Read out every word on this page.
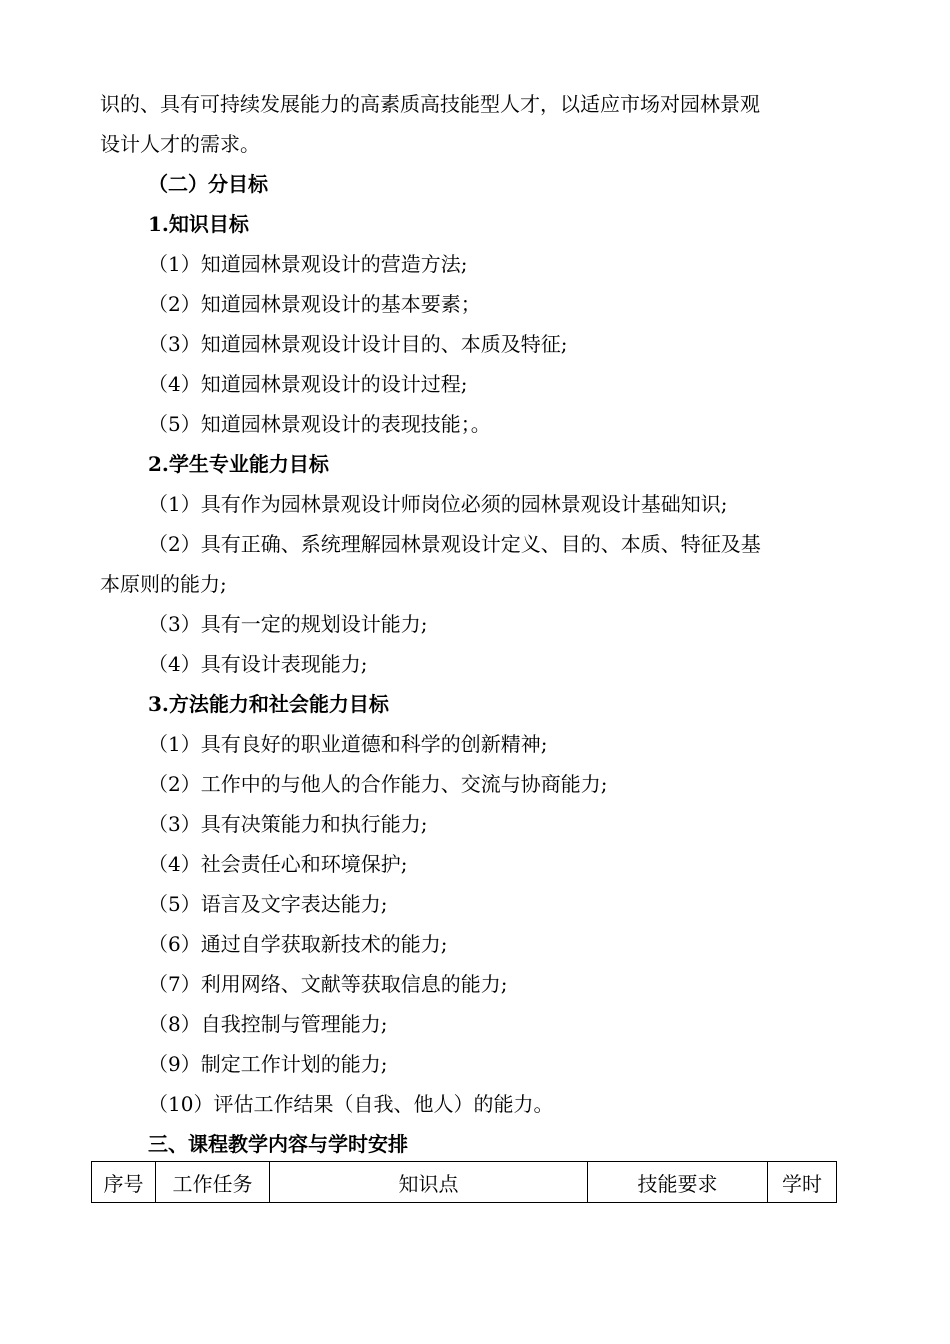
识的、具有可持续发展能力的高素质高技能型人才，以适应市场对园林景观
设计人才的需求。
（二）分目标
1.知识目标
（1）知道园林景观设计的营造方法;
（2）知道园林景观设计的基本要素；
（3）知道园林景观设计设计目的、本质及特征;
（4）知道园林景观设计的设计过程;
（5）知道园林景观设计的表现技能；。
2.学生专业能力目标
（1）具有作为园林景观设计师岗位必须的园林景观设计基础知识;
（2）具有正确、系统理解园林景观设计定义、目的、本质、特征及基
本原则的能力;
（3）具有一定的规划设计能力;
（4）具有设计表现能力;
3.方法能力和社会能力目标
（1）具有良好的职业道德和科学的创新精神;
（2）工作中的与他人的合作能力、交流与协商能力;
（3）具有决策能力和执行能力;
（4）社会责任心和环境保护;
（5）语言及文字表达能力;
（6）通过自学获取新技术的能力;
（7）利用网络、文献等获取信息的能力;
（8）自我控制与管理能力;
（9）制定工作计划的能力;
（10）评估工作结果（自我、他人）的能力。
三、课程教学内容与学时安排
序号	工作任务	知识点	技能要求	学时
